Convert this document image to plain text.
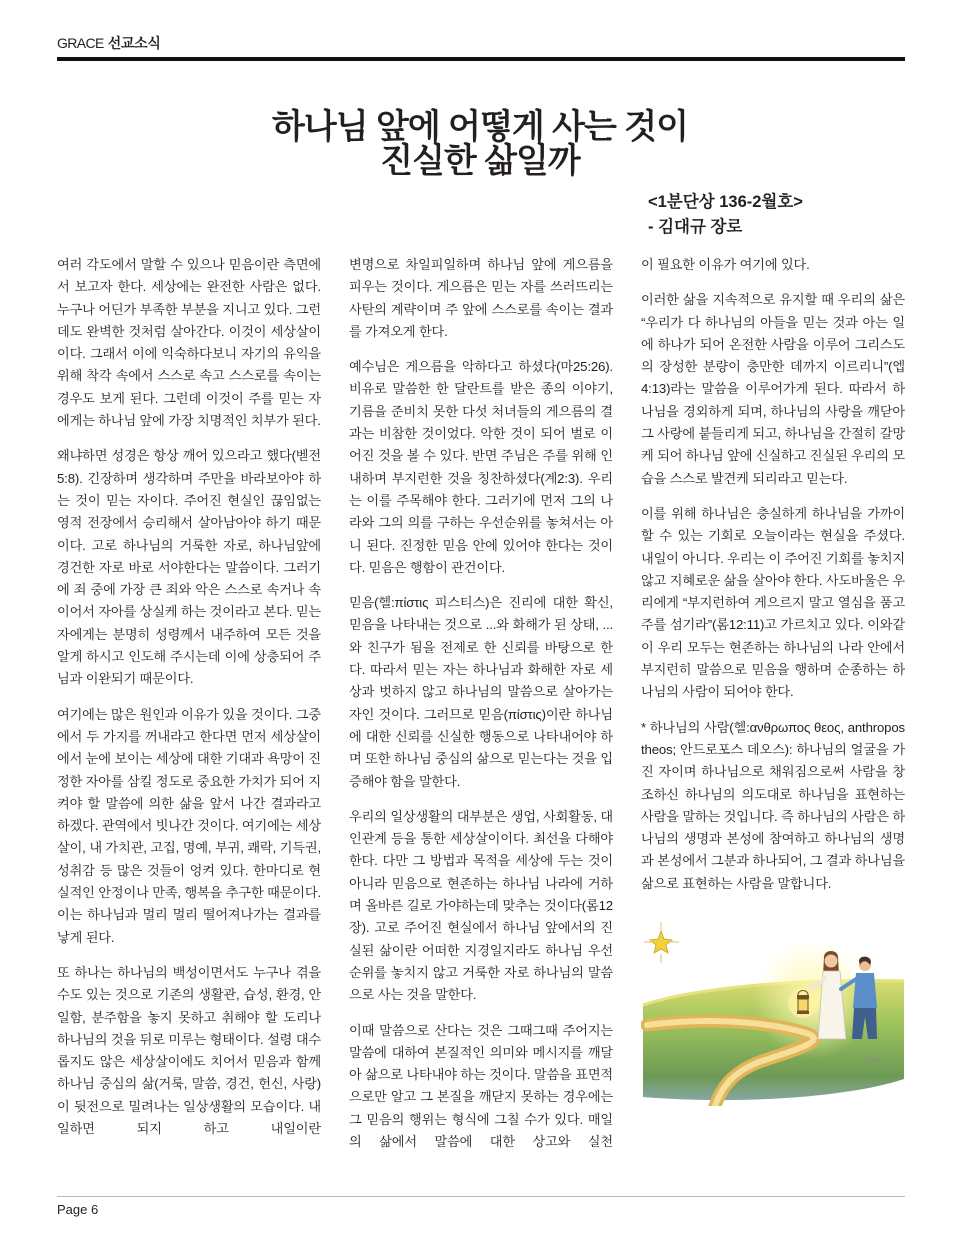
GRACE 선교소식
하나님 앞에 어떻게 사는 것이
진실한 삶일까
<1분단상 136-2월호>
- 김대규 장로

여러 각도에서 말할 수 있으나 믿음이란 측면에서 보고자 한다. 세상에는 완전한 사람은 없다. 누구나 어딘가 부족한 부분을 지니고 있다. 그런데도 완벽한 것처럼 살아간다. 이것이 세상살이이다. 그래서 이에 익숙하다보니 자기의 유익을 위해 착각 속에서 스스로 속고 스스로를 속이는 경우도 보게 된다. 그런데 이것이 주를 믿는 자에게는 하나님 앞에 가장 치명적인 치부가 된다.

왜냐하면 성경은 항상 깨어 있으라고 했다(벧전5:8). 긴장하며 생각하며 주만을 바라보아야 하는 것이 믿는 자이다. 주어진 현실인 끊임없는 영적 전장에서 승리해서 살아남아야 하기 때문이다. 고로 하나님의 거룩한 자로, 하나님앞에 경건한 자로 바로 서야한다는 말씀이다. 그러기에 죄 중에 가장 큰 죄와 악은 스스로 속거나 속이어서 자아를 상실케 하는 것이라고 본다. 믿는 자에게는 분명히 성령께서 내주하여 모든 것을 알게 하시고 인도해 주시는데 이에 상충되어 주님과 이완되기 때문이다.

여기에는 많은 원인과 이유가 있을 것이다. 그중에서 두 가지를 꺼내라고 한다면 먼저 세상살이에서 눈에 보이는 세상에 대한 기대과 욕망이 진정한 자아를 삼킬 정도로 중요한 가치가 되어 지켜야 할 말씀에 의한 삶을 앞서 나간 결과라고 하겠다. 관역에서 빗나간 것이다. 여기에는 세상살이, 내 가치관, 고집, 명예, 부귀, 쾌락, 기득권, 성취감 등 많은 것들이 엉켜 있다. 한마디로 현실적인 안정이나 만족, 행복을 추구한 때문이다. 이는 하나님과 멀리 멀리 떨어져나가는 결과를 낳게 된다.

또 하나는 하나님의 백성이면서도 누구나 겪을 수도 있는 것으로 기존의 생활관, 습성, 환경, 안일함, 분주함을 놓지 못하고 취해야 할 도리나 하나님의 것을 뒤로 미루는 형태이다. 설령 대수롭지도 않은 세상살이에도 치어서 믿음과 함께 하나님 중심의 삶(거룩, 말씀, 경건, 헌신, 사랑)이 뒷전으로 밀려나는 일상생활의 모습이다. 내일하면 되지 하고 내일이란

변명으로 차일피일하며 하나님 앞에 게으름을 피우는 것이다. 게으름은 믿는 자를 쓰러뜨리는 사탄의 계략이며 주 앞에 스스로를 속이는 결과를 가져오게 한다.

예수님은 게으름을 악하다고 하셨다(마25:26). 비유로 말씀한 한 달란트를 받은 종의 이야기, 기름을 준비치 못한 다섯 처녀들의 게으름의 결과는 비참한 것이었다. 악한 것이 되어 벌로 이어진 것을 볼 수 있다. 반면 주님은 주를 위해 인내하며 부지런한 것을 칭찬하셨다(계2:3). 우리는 이를 주목해야 한다. 그러기에 먼저 그의 나라와 그의 의를 구하는 우선순위를 놓쳐서는 아니 된다. 진정한 믿음 안에 있어야 한다는 것이다. 믿음은 행함이 관건이다.

믿음(헬:πίστις 피스티스)은 진리에 대한 확신, 믿음을 나타내는 것으로 ...와 화해가 된 상태, ...와 친구가 됨을 전제로 한 신뢰를 바탕으로 한다. 따라서 믿는 자는 하나님과 화해한 자로 세상과 벗하지 않고 하나님의 말씀으로 살아가는 자인 것이다. 그러므로 믿음(πίστις)이란 하나님에 대한 신뢰를 신실한 행동으로 나타내어야 하며 또한 하나님 중심의 삶으로 믿는다는 것을 입증해야 함을 말한다.

우리의 일상생활의 대부분은 생업, 사회활동, 대인관계 등을 통한 세상살이이다. 최선을 다해야 한다. 다만 그 방법과 목적을 세상에 두는 것이 아니라 믿음으로 현존하는 하나님 나라에 거하며 올바른 길로 가야하는데 맞추는 것이다(롬12장). 고로 주어진 현실에서 하나님 앞에서의 진실된 삶이란 어떠한 지경일지라도 하나님 우선순위를 놓치지 않고 거룩한 자로 하나님의 말씀으로 사는 것을 말한다.

이때 말씀으로 산다는 것은 그때그때 주어지는 말씀에 대하여 본질적인 의미와 메시지를 깨달아 삶으로 나타내야 하는 것이다. 말씀을 표면적으로만 알고 그 본질을 깨닫지 못하는 경우에는 그 믿음의 행위는 형식에 그칠 수가 있다. 매일의 삶에서 말씀에 대한 상고와 실천

이 필요한 이유가 여기에 있다.

이러한 삶을 지속적으로 유지할 때 우리의 삶은 “우리가 다 하나님의 아들을 믿는 것과 아는 일에 하나가 되어 온전한 사람을 이루어 그리스도의 장성한 분량이 충만한 데까지 이르리니”(엡4:13)라는 말씀을 이루어가게 된다. 따라서 하나님을 경외하게 되며, 하나님의 사랑을 깨닫아 그 사랑에 붙들리게 되고, 하나님을 간절히 갈망케 되어 하나님 앞에 신실하고 진실된 우리의 모습을 스스로 발견케 되리라고 믿는다.

이를 위해 하나님은 충실하게 하나님을 가까이 할 수 있는 기회로 오늘이라는 현실을 주셨다. 내일이 아니다. 우리는 이 주어진 기회를 놓치지 않고 지혜로운 삶을 살아야 한다. 사도바울은 우리에게 “부지런하여 게으르지 말고 열심을 품고 주를 섬기라”(롬12:11)고 가르치고 있다. 이와같이 우리 모두는 현존하는 하나님의 나라 안에서 부지런히 말씀으로 믿음을 행하며 순종하는 하나님의 사람이 되어야 한다.

* 하나님의 사람(헬:ανθρωπος θεος, anthropos theos; 안드로포스 데오스): 하나님의 얼굴을 가진 자이며 하나님으로 채워짐으로써 사람을 창조하신 하나님의 의도대로 하나님을 표현하는 사람을 말하는 것입니다. 즉 하나님의 사람은 하나님의 생명과 본성에 참여하고 하나님의 생명과 본성에서 그분과 하나되어, 그 결과 하나님을 삶으로 표현하는 사람을 말합니다.

Hee.
Page 6
